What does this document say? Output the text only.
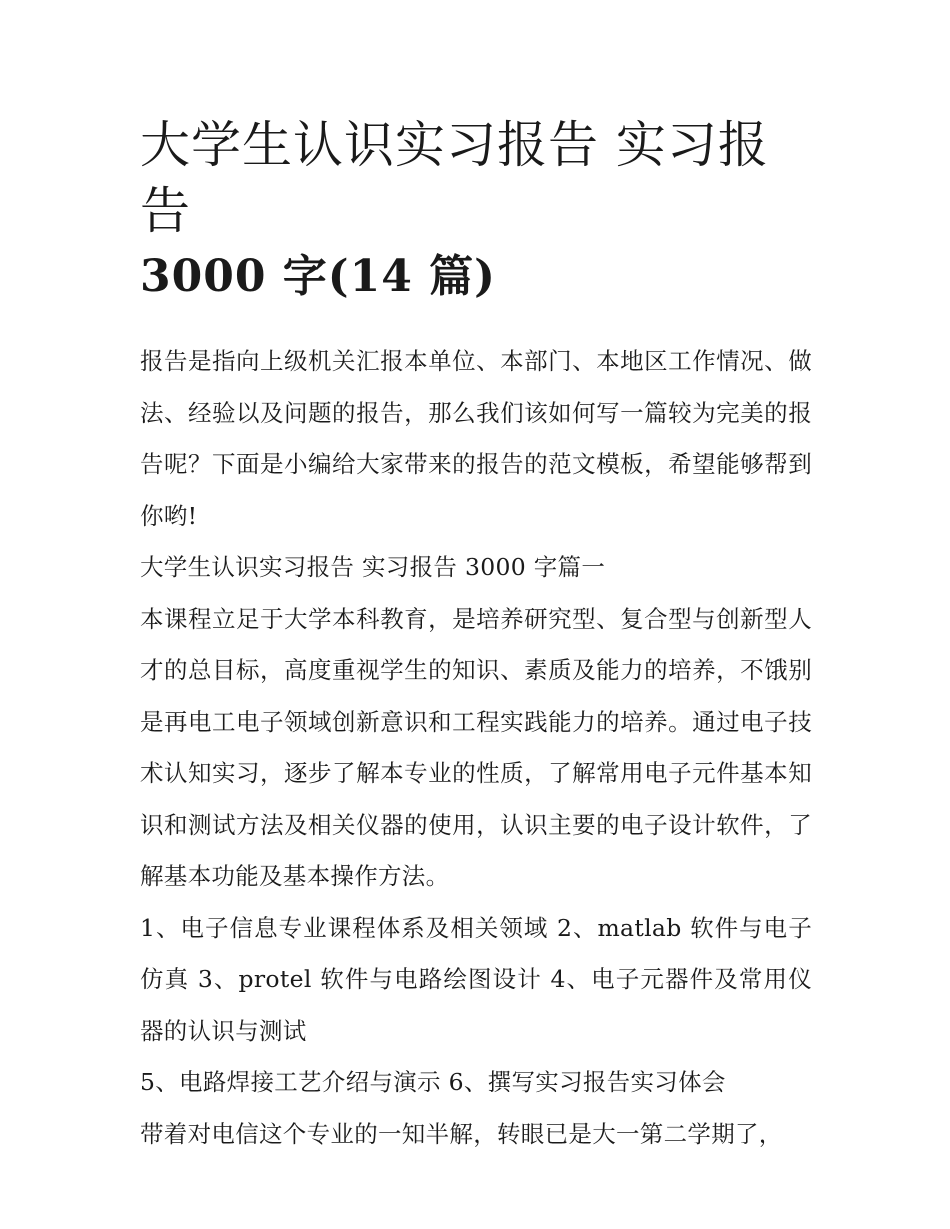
大学生认识实习报告 实习报告
3000 字(14 篇)

报告是指向上级机关汇报本单位、本部门、本地区工作情况、做法、经验以及问题的报告，那么我们该如何写一篇较为完美的报告呢？下面是小编给大家带来的报告的范文模板，希望能够帮到你哟!

大学生认识实习报告 实习报告 3000 字篇一

本课程立足于大学本科教育，是培养研究型、复合型与创新型人才的总目标，高度重视学生的知识、素质及能力的培养，不饿别是再电工电子领域创新意识和工程实践能力的培养。通过电子技术认知实习，逐步了解本专业的性质，了解常用电子元件基本知识和测试方法及相关仪器的使用，认识主要的电子设计软件，了解基本功能及基本操作方法。

1、电子信息专业课程体系及相关领域 2、matlab 软件与电子仿真 3、protel 软件与电路绘图设计 4、电子元器件及常用仪器的认识与测试

5、电路焊接工艺介绍与演示 6、撰写实习报告实习体会

带着对电信这个专业的一知半解，转眼已是大一第二学期了，
